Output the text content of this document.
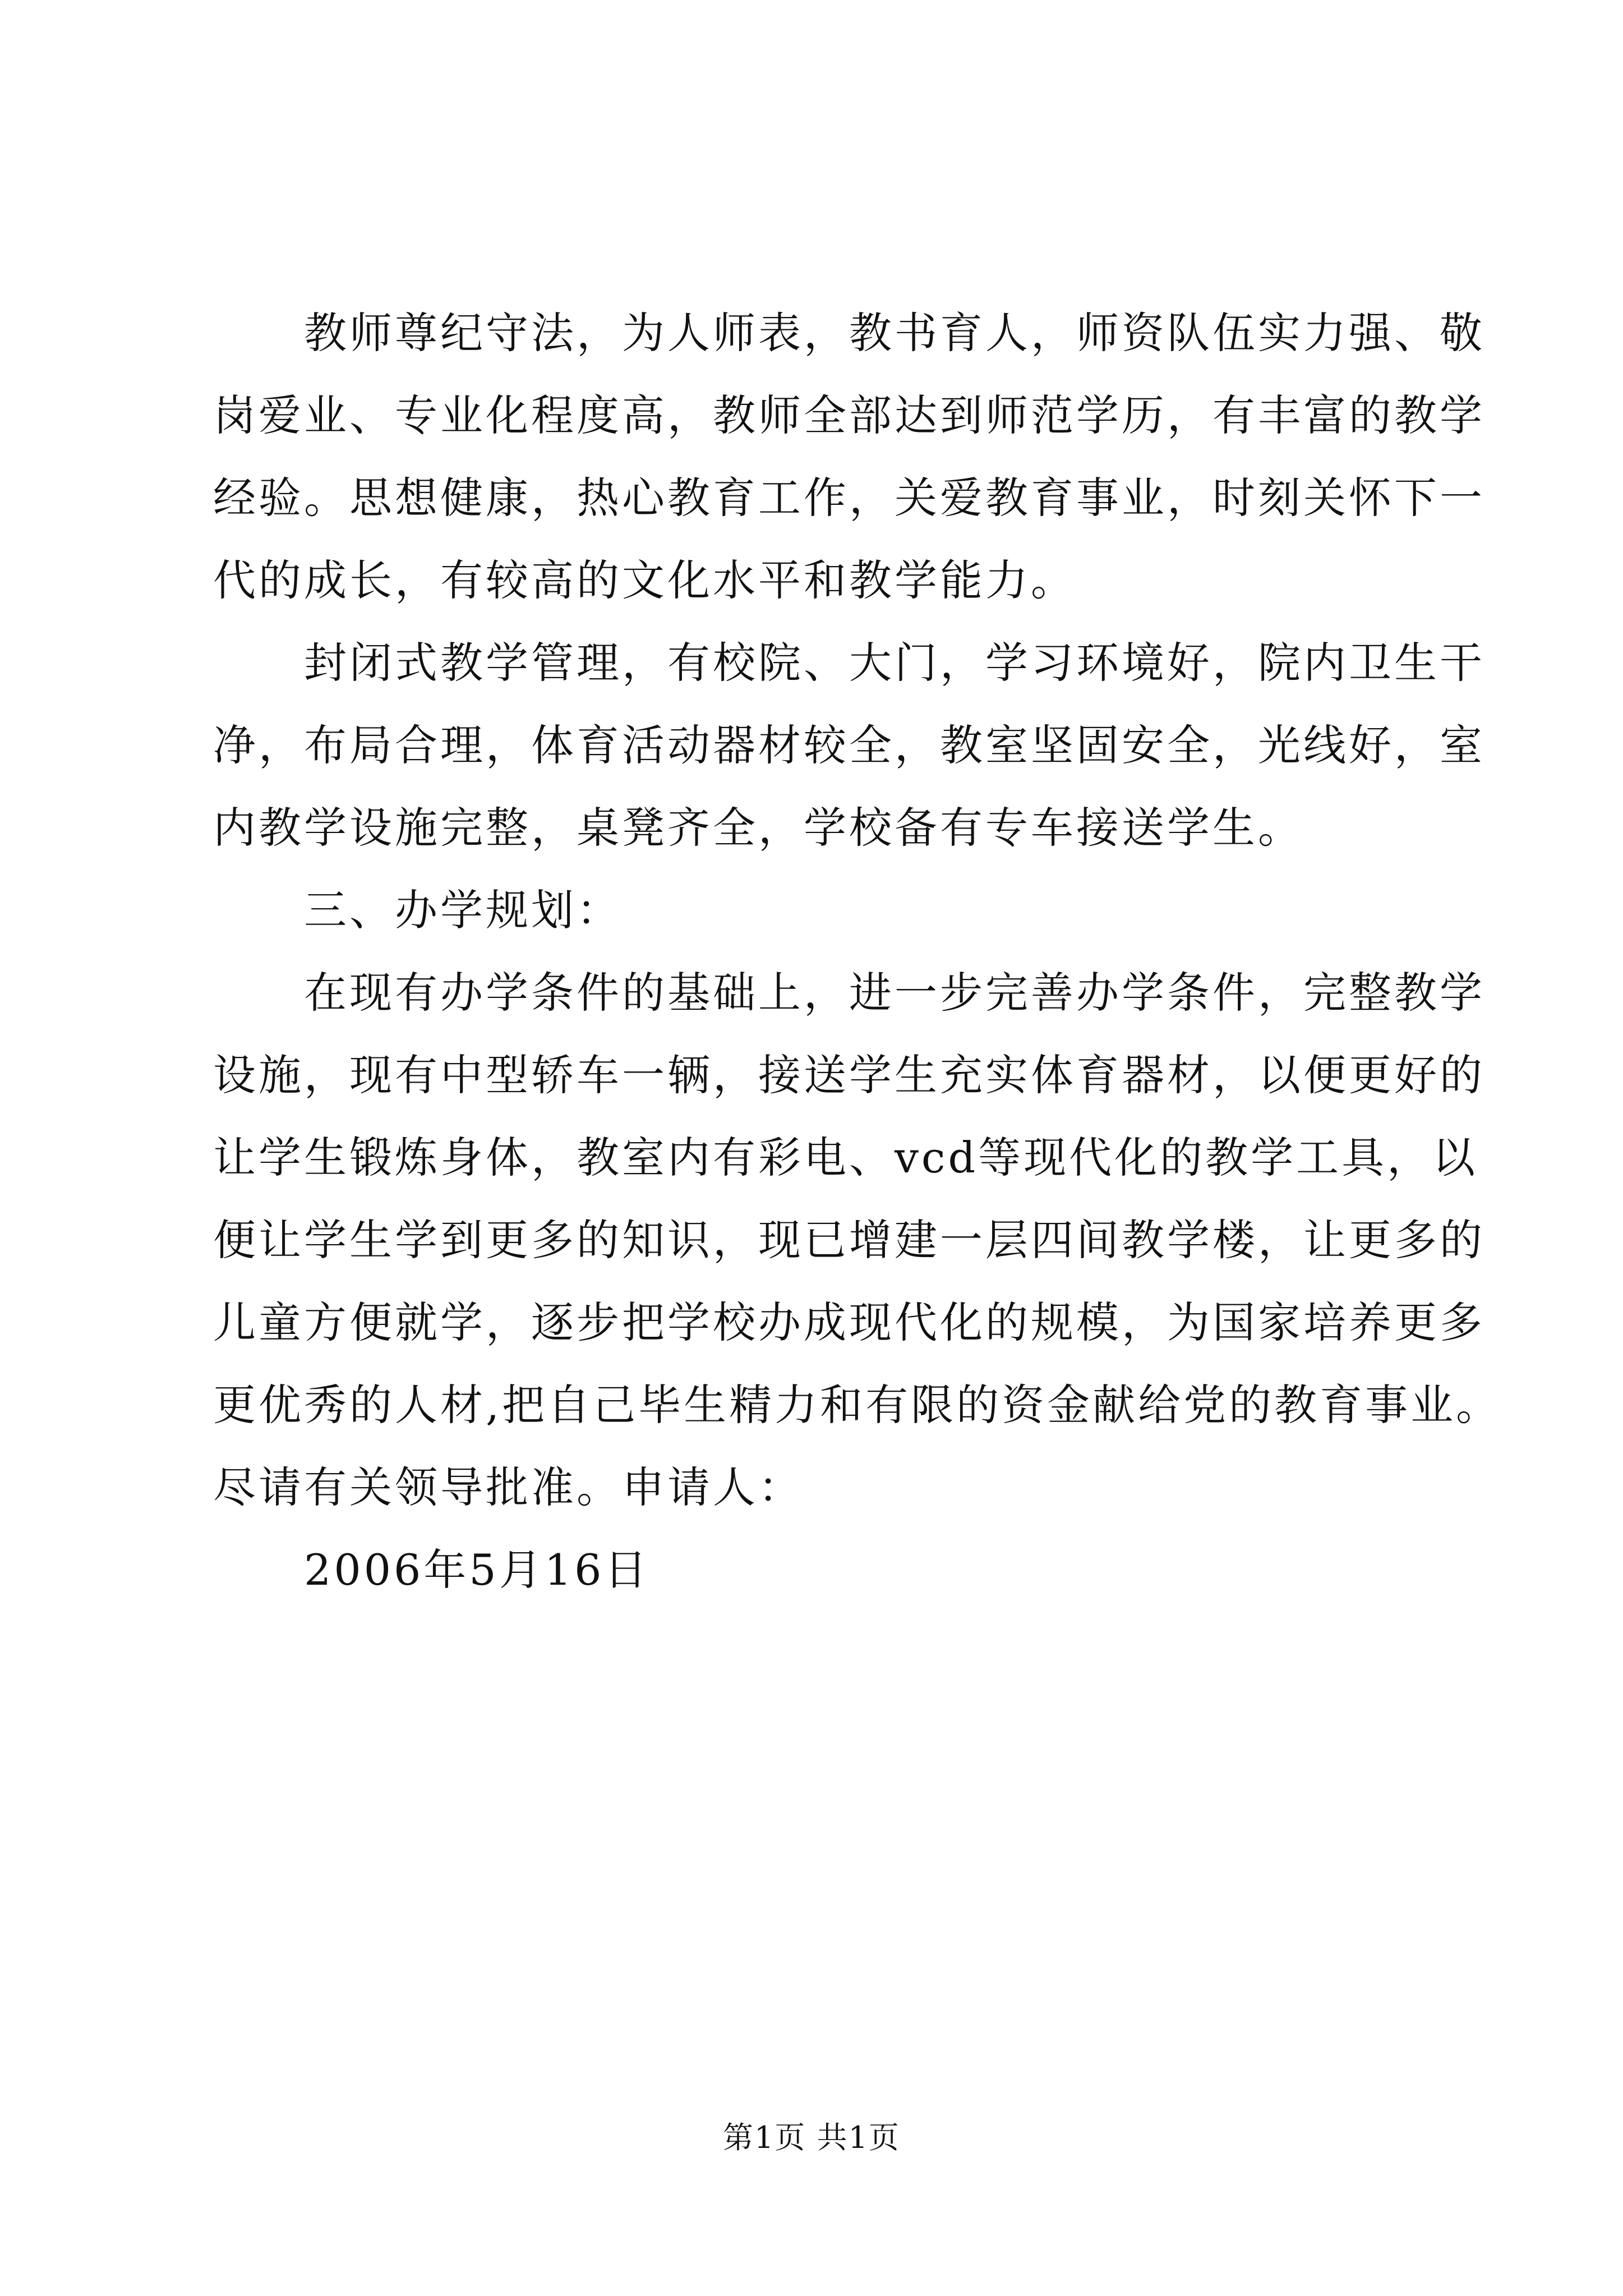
　　教师尊纪守法，为人师表，教书育人，师资队伍实力强、敬
岗爱业、专业化程度高，教师全部达到师范学历，有丰富的教学
经验。思想健康，热心教育工作，关爱教育事业，时刻关怀下一
代的成长，有较高的文化水平和教学能力。
　　封闭式教学管理，有校院、大门，学习环境好，院内卫生干
净，布局合理，体育活动器材较全，教室坚固安全，光线好，室
内教学设施完整，桌凳齐全，学校备有专车接送学生。
　　三、办学规划：
　　在现有办学条件的基础上，进一步完善办学条件，完整教学
设施，现有中型轿车一辆，接送学生充实体育器材，以便更好的
让学生锻炼身体，教室内有彩电、vcd等现代化的教学工具，以
便让学生学到更多的知识，现已增建一层四间教学楼，让更多的
儿童方便就学，逐步把学校办成现代化的规模，为国家培养更多
更优秀的人材,把自己毕生精力和有限的资金献给党的教育事业。
尽请有关领导批准。申请人：
　　2006年5月16日
第1页 共1页
